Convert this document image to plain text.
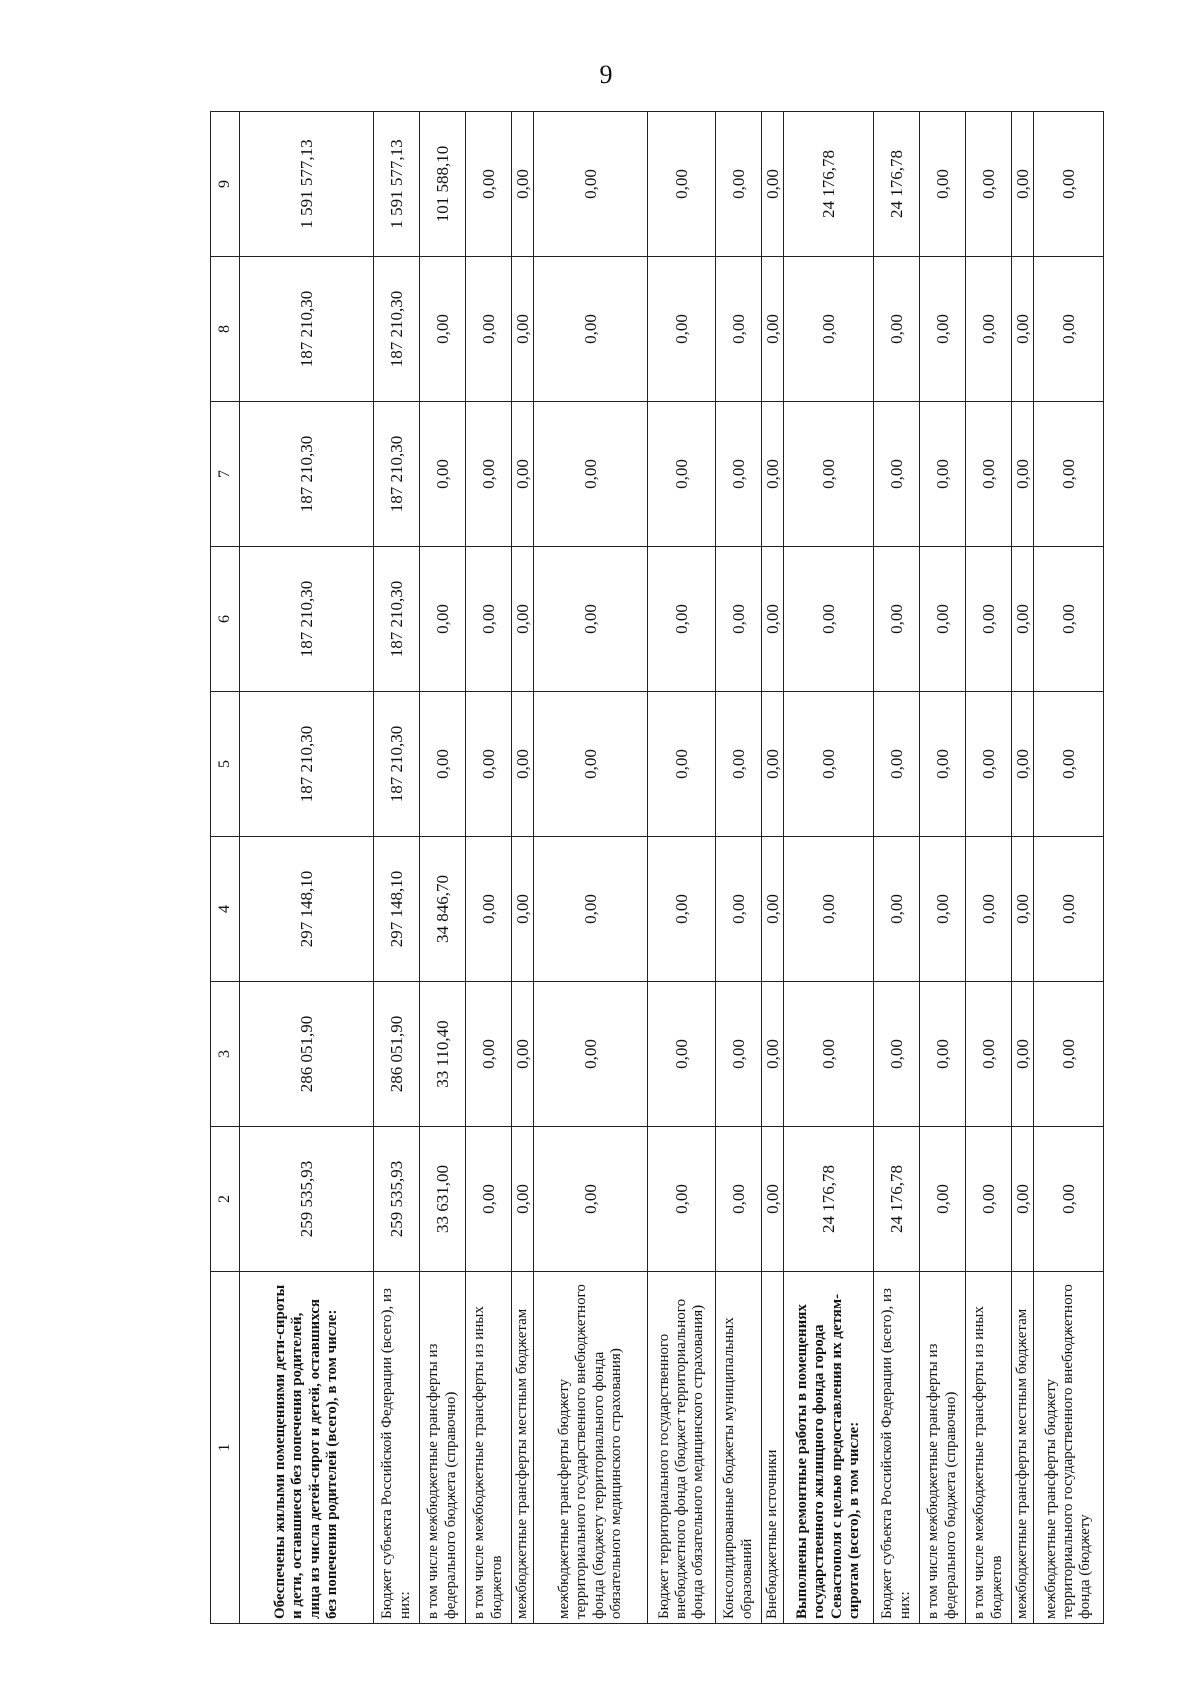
9
1	2	3	4	5	6	7	8	9
Обеспечены жилыми помещениями дети-сироты и дети, оставшиеся без попечения родителей, лица из числа детей-сирот и детей, оставшихся без попечения родителей (всего), в том числе:	259 535,93	286 051,90	297 148,10	187 210,30	187 210,30	187 210,30	187 210,30	1 591 577,13
Бюджет субъекта Российской Федерации (всего), из них:	259 535,93	286 051,90	297 148,10	187 210,30	187 210,30	187 210,30	187 210,30	1 591 577,13
в том числе межбюджетные трансферты из федерального бюджета (справочно)	33 631,00	33 110,40	34 846,70	0,00	0,00	0,00	0,00	101 588,10
в том числе межбюджетные трансферты из иных бюджетов	0,00	0,00	0,00	0,00	0,00	0,00	0,00	0,00
межбюджетные трансферты местным бюджетам	0,00	0,00	0,00	0,00	0,00	0,00	0,00	0,00
межбюджетные трансферты бюджету территориального государственного внебюджетного фонда (бюджету территориального фонда обязательного медицинского страхования)	0,00	0,00	0,00	0,00	0,00	0,00	0,00	0,00
Бюджет территориального государственного внебюджетного фонда (бюджет территориального фонда обязательного медицинского страхования)	0,00	0,00	0,00	0,00	0,00	0,00	0,00	0,00
Консолидированные бюджеты муниципальных образований	0,00	0,00	0,00	0,00	0,00	0,00	0,00	0,00
Внебюджетные источники	0,00	0,00	0,00	0,00	0,00	0,00	0,00	0,00
Выполнены ремонтные работы в помещениях государственного жилищного фонда города Севастополя с целью предоставления их детям-сиротам (всего), в том числе:	24 176,78	0,00	0,00	0,00	0,00	0,00	0,00	24 176,78
Бюджет субъекта Российской Федерации (всего), из них:	24 176,78	0,00	0,00	0,00	0,00	0,00	0,00	24 176,78
в том числе межбюджетные трансферты из федерального бюджета (справочно)	0,00	0,00	0,00	0,00	0,00	0,00	0,00	0,00
в том числе межбюджетные трансферты из иных бюджетов	0,00	0,00	0,00	0,00	0,00	0,00	0,00	0,00
межбюджетные трансферты местным бюджетам	0,00	0,00	0,00	0,00	0,00	0,00	0,00	0,00
межбюджетные трансферты бюджету территориального государственного внебюджетного фонда (бюджету	0,00	0,00	0,00	0,00	0,00	0,00	0,00	0,00
